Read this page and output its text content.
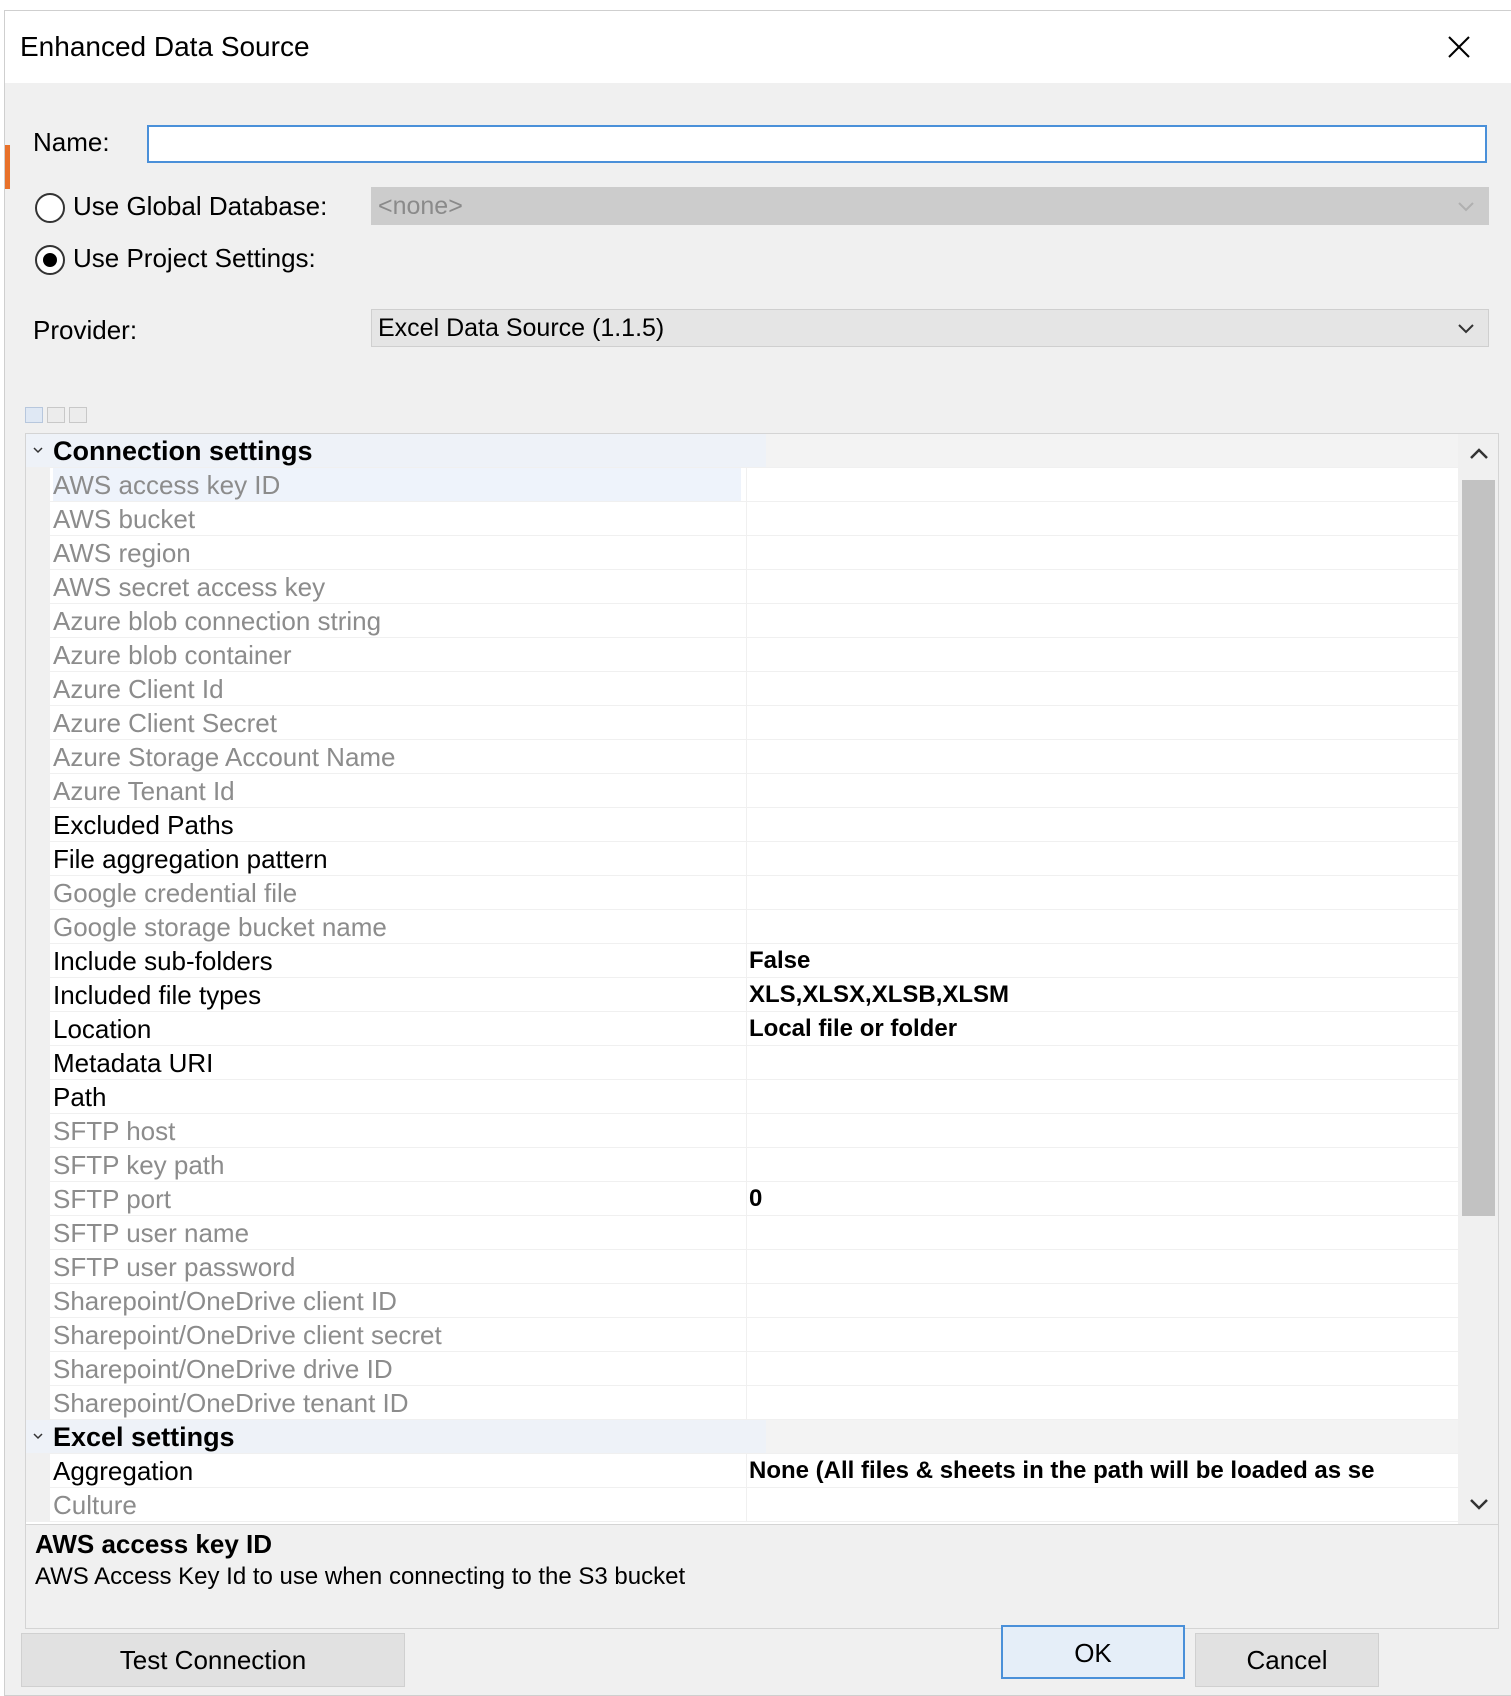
Enhanced Data Source
Name:
Use Global Database: <none>
Use Project Settings:
Provider:	Excel Data Source (1.1.5)
Connection settings
AWS access key ID
AWS bucket
AWS region
AWS secret access key
Azure blob connection string
Azure blob container
Azure Client Id
Azure Client Secret
Azure Storage Account Name
Azure Tenant Id
Excluded Paths
File aggregation pattern
Google credential file
Google storage bucket name
Include sub-folders	False
Included file types	XLS,XLSX,XLSB,XLSM
Location	Local file or folder
Metadata URI
Path
SFTP host
SFTP key path
SFTP port	0
SFTP user name
SFTP user password
Sharepoint/OneDrive client ID
Sharepoint/OneDrive client secret
Sharepoint/OneDrive drive ID
Sharepoint/OneDrive tenant ID
Excel settings
Aggregation	None (All files & sheets in the path will be loaded as se
Culture
AWS access key ID
AWS Access Key Id to use when connecting to the S3 bucket
Test Connection	OK	Cancel
